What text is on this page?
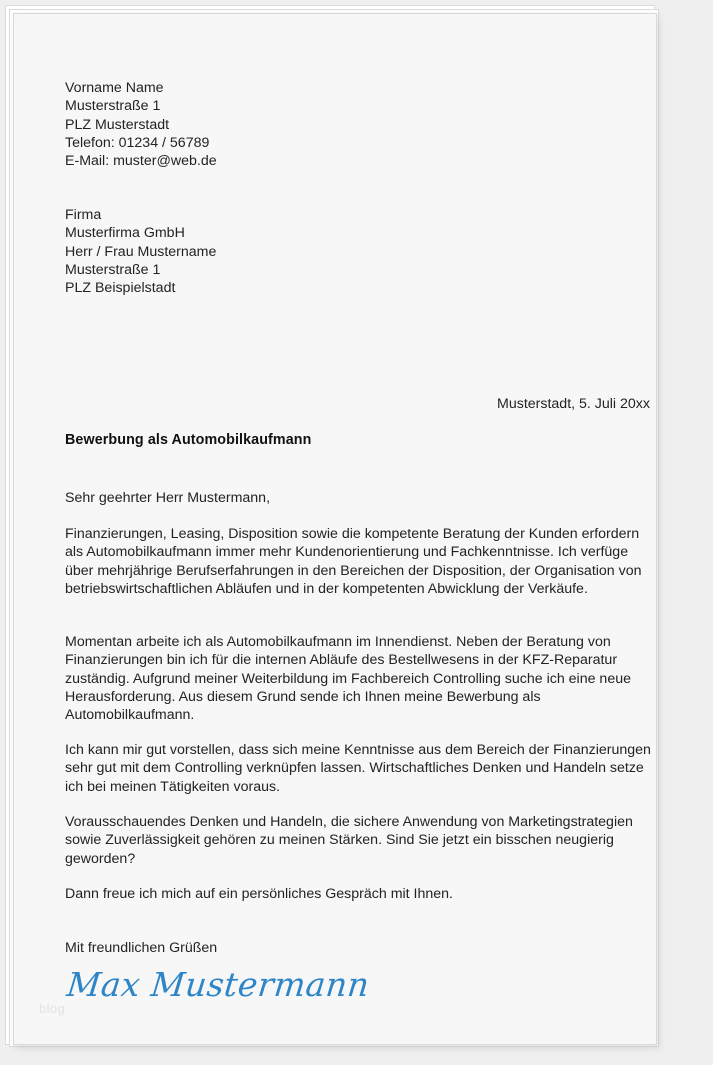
Vorname Name
Musterstraße 1
PLZ Musterstadt
Telefon: 01234 / 56789
E-Mail: muster@web.de
Firma
Musterfirma GmbH
Herr / Frau Mustername
Musterstraße 1
PLZ Beispielstadt
Musterstadt, 5. Juli 20xx
Bewerbung als Automobilkaufmann
Sehr geehrter Herr Mustermann,
Finanzierungen, Leasing, Disposition sowie die kompetente Beratung der Kunden erfordern als Automobilkaufmann immer mehr Kundenorientierung und Fachkenntnisse. Ich verfüge über mehrjährige Berufserfahrungen in den Bereichen der Disposition, der Organisation von betriebswirtschaftlichen Abläufen und in der kompetenten Abwicklung der Verkäufe.
Momentan arbeite ich als Automobilkaufmann im Innendienst. Neben der Beratung von Finanzierungen bin ich für die internen Abläufe des Bestellwesens in der KFZ-Reparatur zuständig. Aufgrund meiner Weiterbildung im Fachbereich Controlling suche ich eine neue Herausforderung. Aus diesem Grund sende ich Ihnen meine Bewerbung als Automobilkaufmann.
Ich kann mir gut vorstellen, dass sich meine Kenntnisse aus dem Bereich der Finanzierungen sehr gut mit dem Controlling verknüpfen lassen. Wirtschaftliches Denken und Handeln setze ich bei meinen Tätigkeiten voraus.
Vorausschauendes Denken und Handeln, die sichere Anwendung von Marketingstrategien sowie Zuverlässigkeit gehören zu meinen Stärken. Sind Sie jetzt ein bisschen neugierig geworden?
Dann freue ich mich auf ein persönliches Gespräch mit Ihnen.
Mit freundlichen Grüßen
Max Mustermann
blog
